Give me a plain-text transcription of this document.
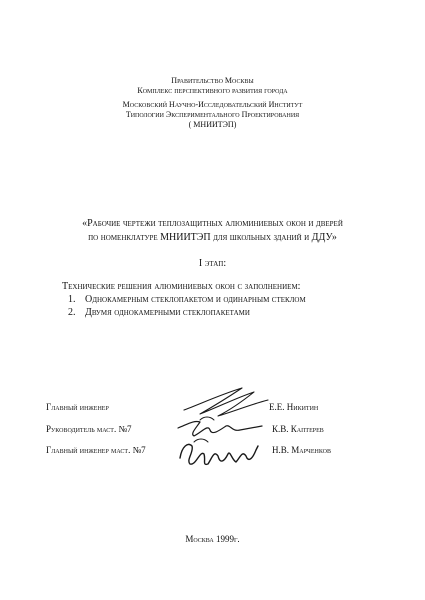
Правительство Москвы
Комплекс перспективного развития города
Московский Научно-Исследовательский Институт
Типологии Экспериментального Проектирования
( МНИИТЭП)
«Рабочие чертежи теплозащитных алюминиевых окон и дверей
по номенклатуре МНИИТЭП для школьных зданий и ДДУ»
I этап:
Технические решения алюминиевых окон с заполнением:
1. Однокамерным стеклопакетом и одинарным стеклом
2. Двумя однокамерными стеклопакетами
Главный инженер	Е.Е. Никитин
Руководитель маст. №7	К.В. Каптерев
Главный инженер маст. №7	Н.В. Марченков
Москва 1999г.
